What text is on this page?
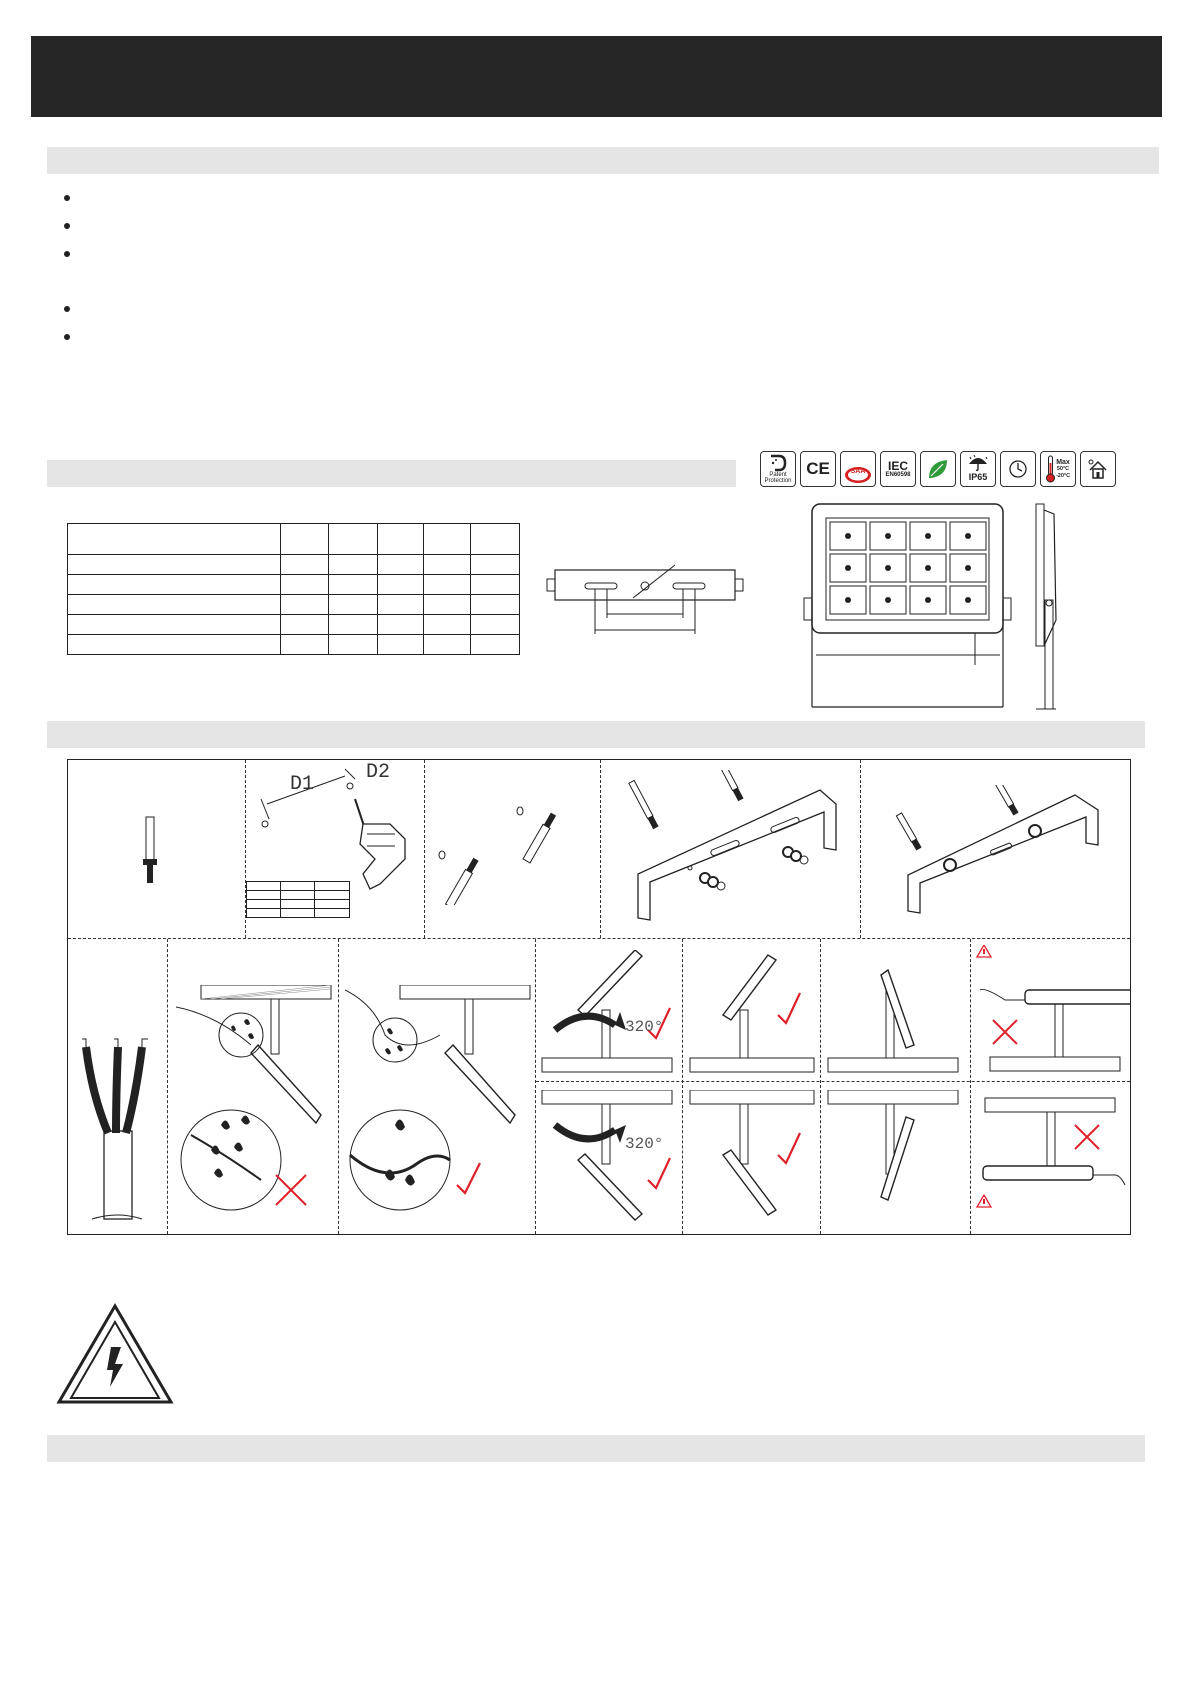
Patent Protection
CE	SAA IEC
EN60598	IP65
Max
50°C
-20°C

D1
D2

320°
320°
